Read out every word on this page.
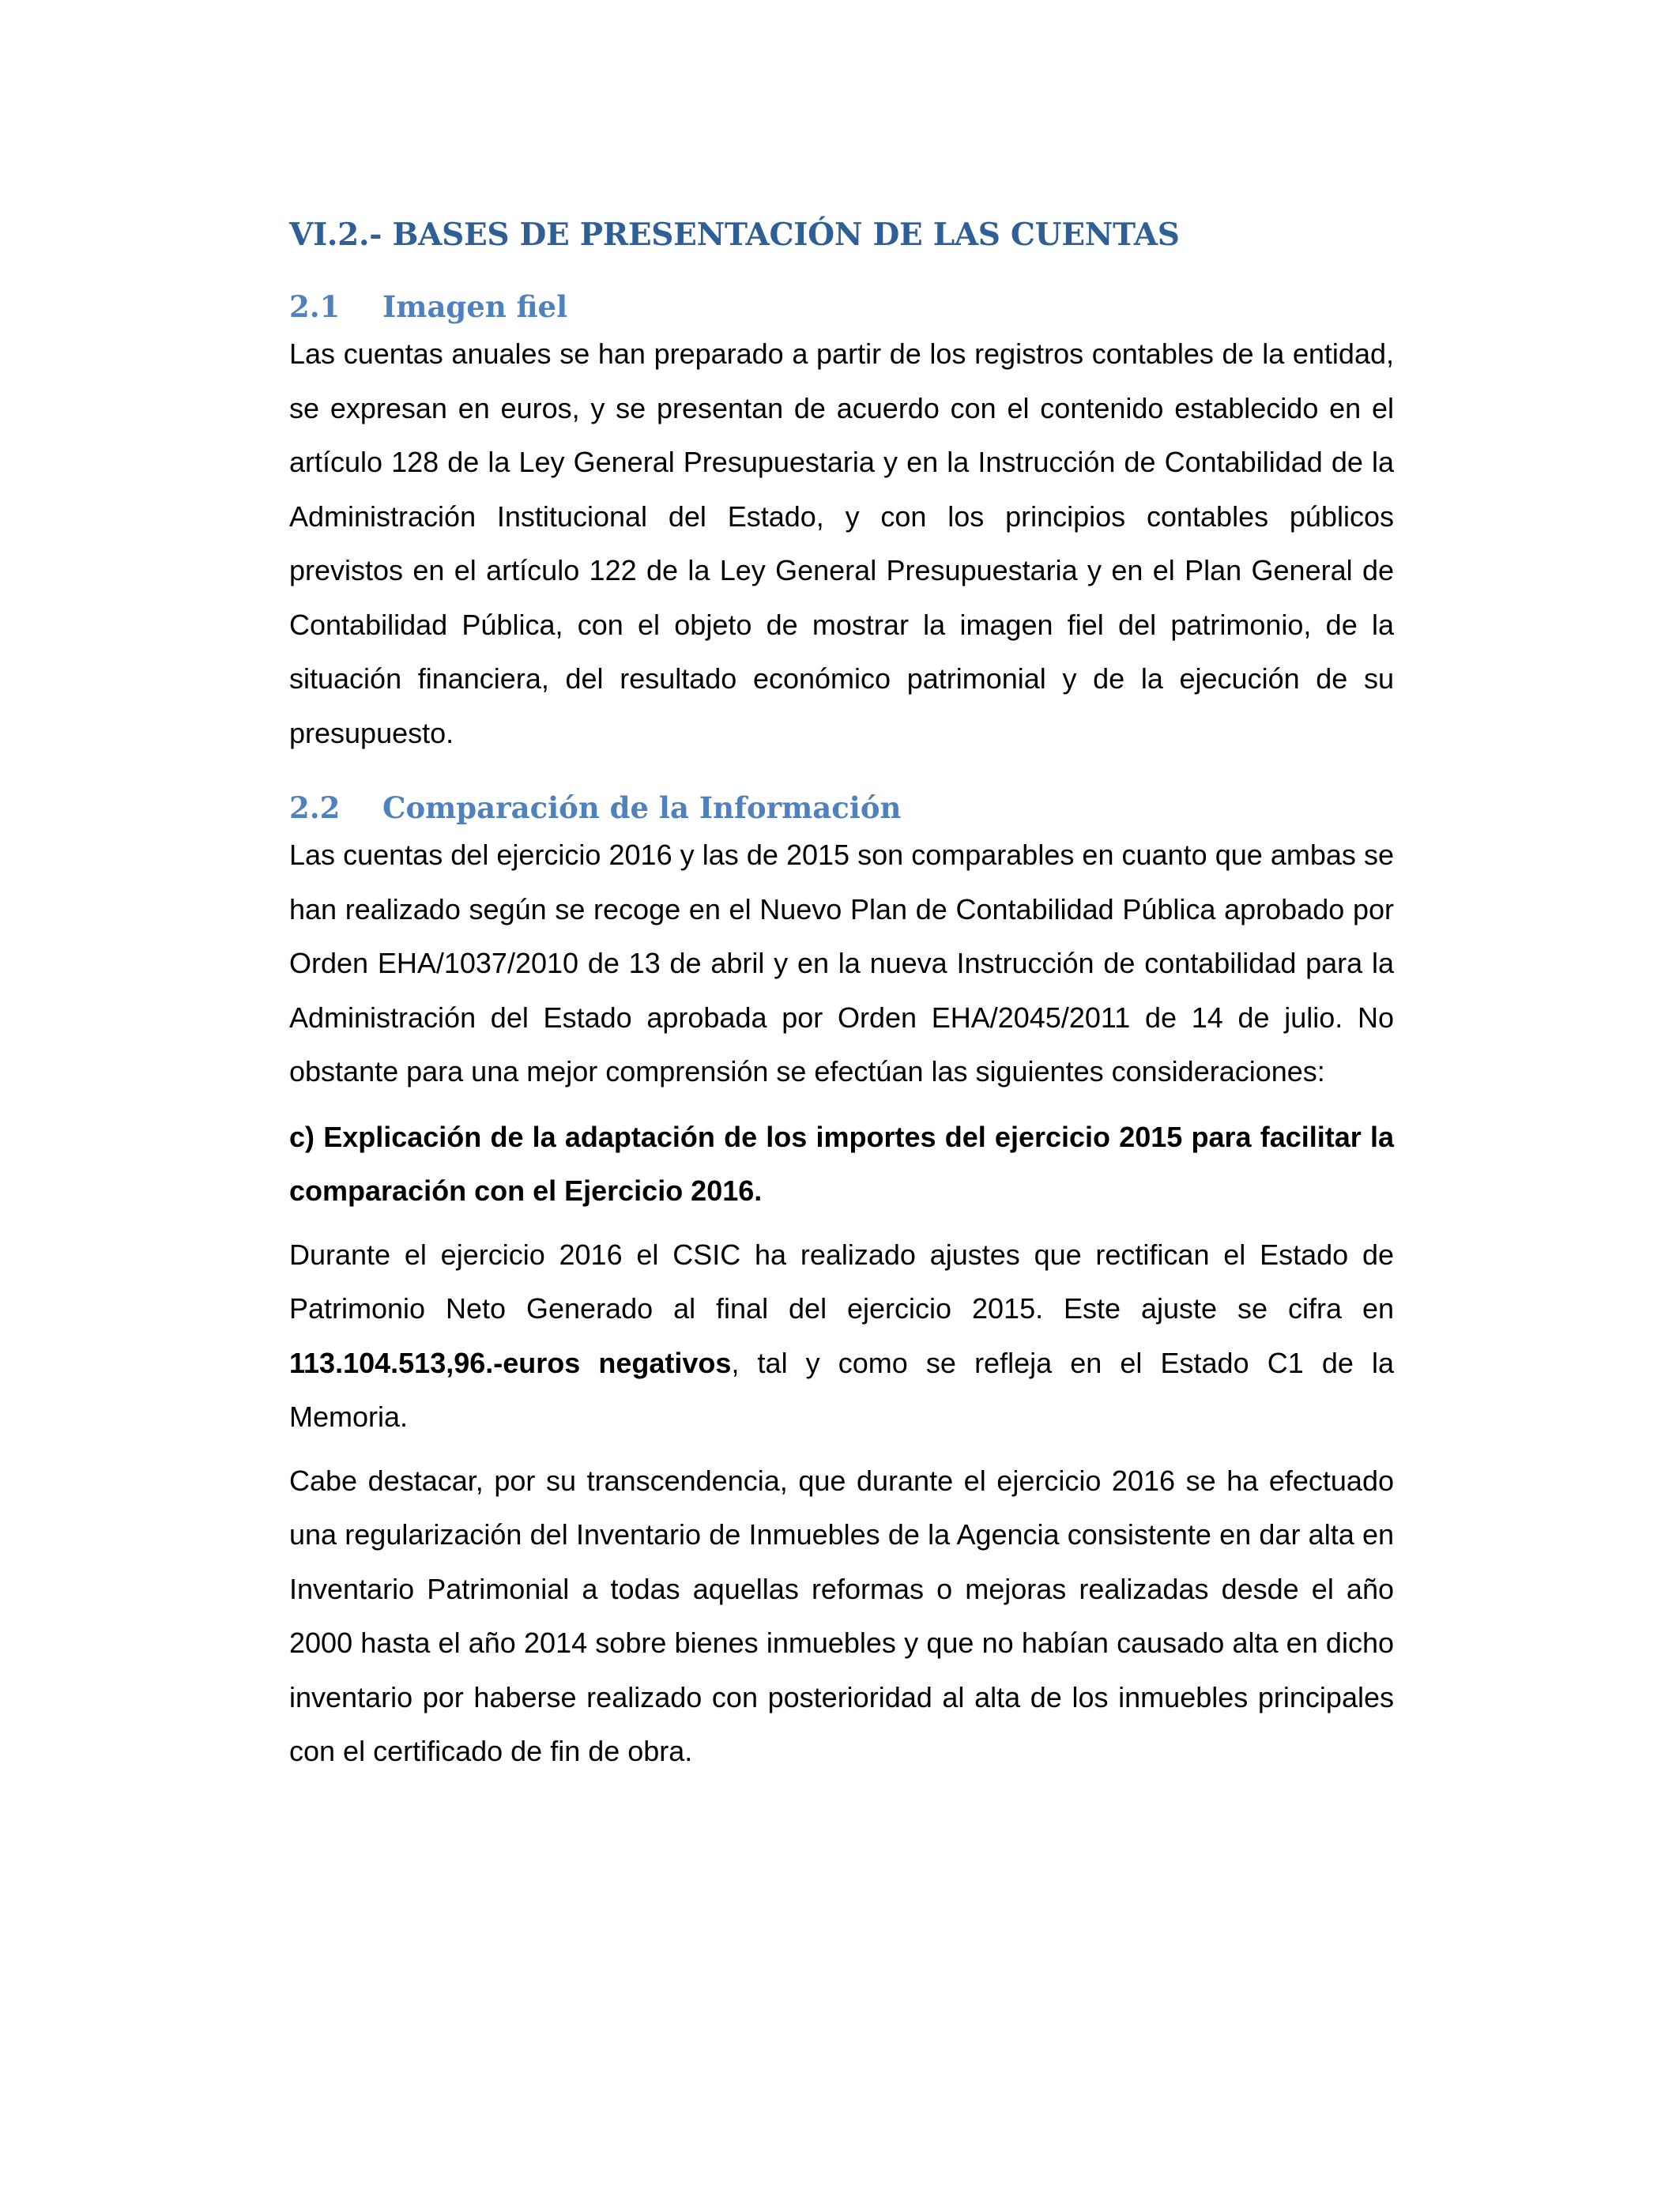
VI.2.- BASES DE PRESENTACIÓN DE LAS CUENTAS
2.1	Imagen fiel

Las cuentas anuales se han preparado a partir de los registros contables de la entidad, se expresan en euros, y se presentan de acuerdo con el contenido establecido en el artículo 128 de la Ley General Presupuestaria y en la Instrucción de Contabilidad de la Administración Institucional del Estado, y con los principios contables públicos previstos en el artículo 122 de la Ley General Presupuestaria y en el Plan General de Contabilidad Pública, con el objeto de mostrar la imagen fiel del patrimonio, de la situación financiera, del resultado económico patrimonial y de la ejecución de su presupuesto.

2.2	Comparación de la Información

Las cuentas del ejercicio 2016 y las de 2015 son comparables en cuanto que ambas se han realizado según se recoge en el Nuevo Plan de Contabilidad Pública aprobado por Orden EHA/1037/2010 de 13 de abril y en la nueva Instrucción de contabilidad para la Administración del Estado aprobada por Orden EHA/2045/2011 de 14 de julio. No obstante para una mejor comprensión se efectúan las siguientes consideraciones:

c) Explicación de la adaptación de los importes del ejercicio 2015 para facilitar la comparación con el Ejercicio 2016.

Durante el ejercicio 2016 el CSIC ha realizado ajustes que rectifican el Estado de Patrimonio Neto Generado al final del ejercicio 2015. Este ajuste se cifra en 113.104.513,96.-euros negativos, tal y como se refleja en el Estado C1 de la Memoria.

Cabe destacar, por su transcendencia, que durante el ejercicio 2016 se ha efectuado una regularización del Inventario de Inmuebles de la Agencia consistente en dar alta en Inventario Patrimonial a todas aquellas reformas o mejoras realizadas desde el año 2000 hasta el año 2014 sobre bienes inmuebles y que no habían causado alta en dicho inventario por haberse realizado con posterioridad al alta de los inmuebles principales con el certificado de fin de obra.
